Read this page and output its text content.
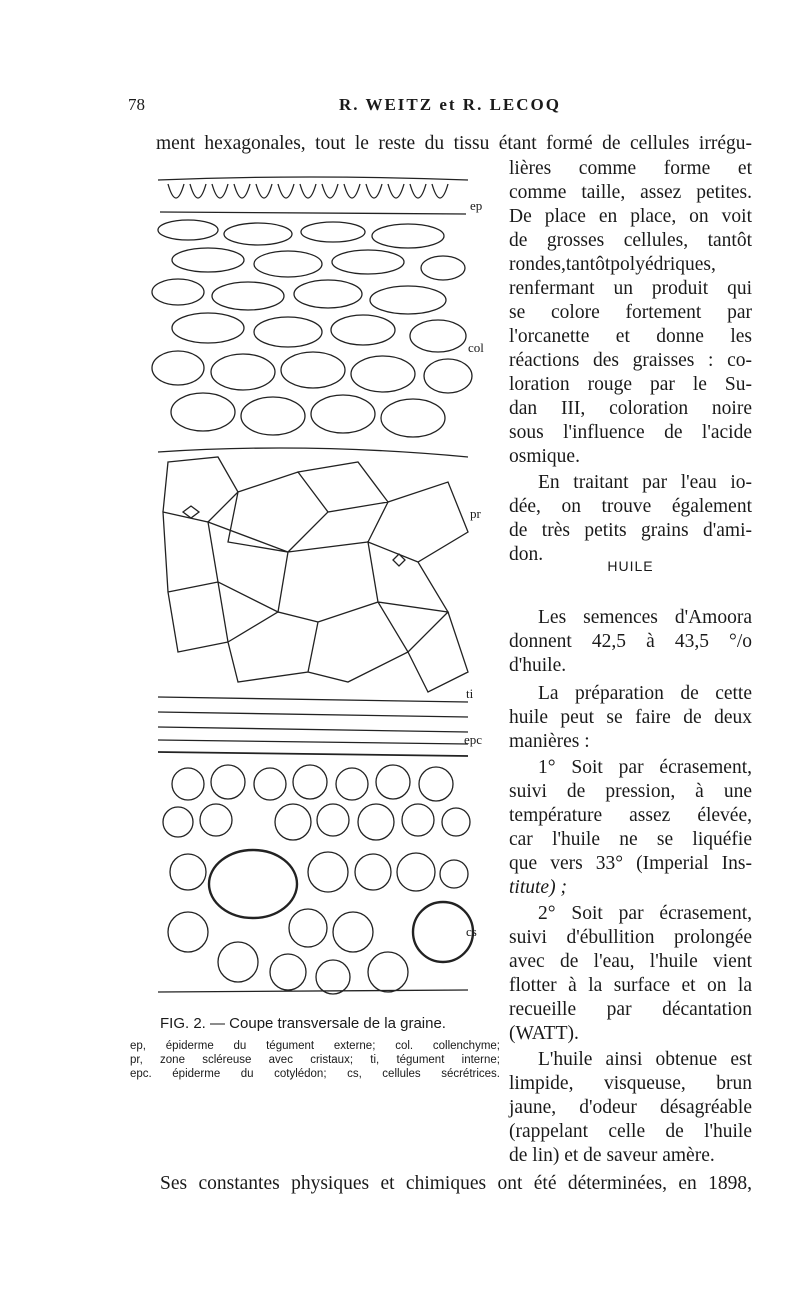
78	R. WEITZ et R. LECOQ
ment hexagonales, tout le reste du tissu étant formé de cellules irrégu-
ep
col
pr
ti
epc
cs
FIG. 2. — Coupe transversale de la graine.
ep, épiderme du tégument externe; col. collenchyme;
pr, zone scléreuse avec cristaux; ti, tégument interne;
epc. épiderme du cotylédon; cs, cellules sécrétrices.
lières comme forme et
comme taille, assez petites.
De place en place, on voit
de grosses cellules, tantôt
rondes,tantôtpolyédriques,
renfermant un produit qui
se colore fortement par
l'orcanette et donne les
réactions des graisses : co-
loration rouge par le Su-
dan III, coloration noire
sous l'influence de l'acide
osmique.
En traitant par l'eau io-
dée, on trouve également
de très petits grains d'ami-
don.
HUILE
Les semences d'Amoora
donnent 42,5 à 43,5 °/o
d'huile.
La préparation de cette
huile peut se faire de deux
manières :
1° Soit par écrasement,
suivi de pression, à une
température assez élevée,
car l'huile ne se liquéfie
que vers 33° (Imperial Ins-
titute) ;
2° Soit par écrasement,
suivi d'ébullition prolongée
avec de l'eau, l'huile vient
flotter à la surface et on la
recueille par décantation
(WATT).
L'huile ainsi obtenue est
limpide, visqueuse, brun
jaune, d'odeur désagréable
(rappelant celle de l'huile
de lin) et de saveur amère.
Ses constantes physiques et chimiques ont été déterminées, en 1898,
